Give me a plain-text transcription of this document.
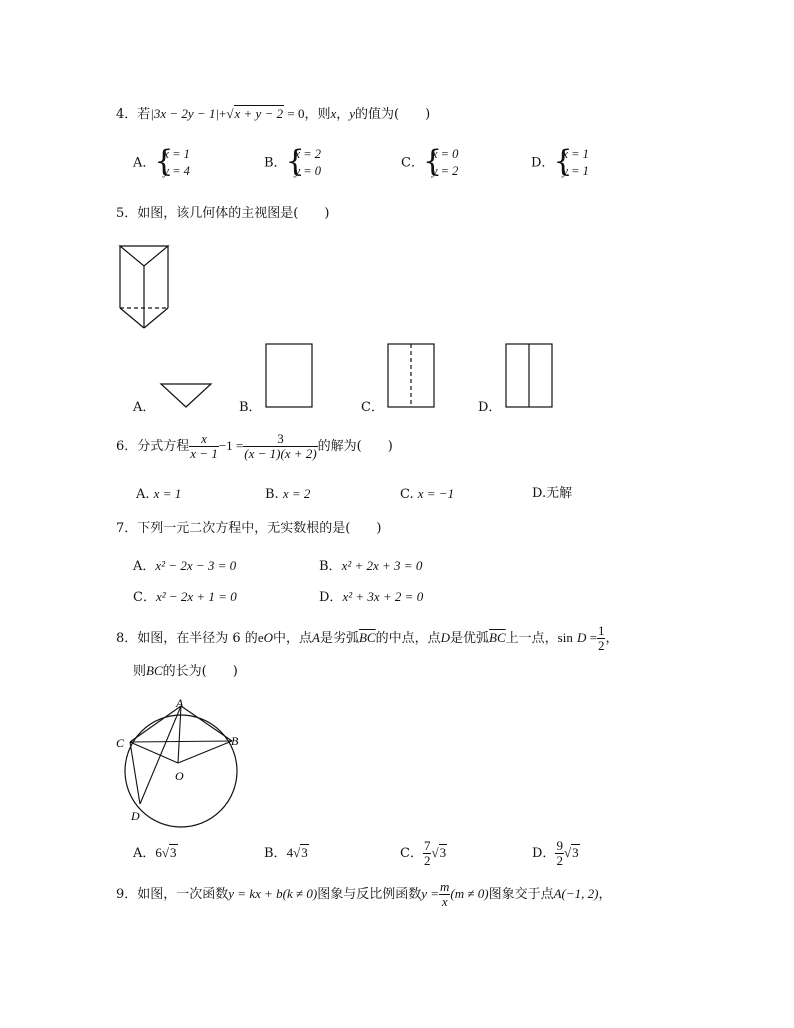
4．若|3x − 2y − 1|+√x + y − 2 = 0，则x，y的值为(　　)
A．
{ x = 1
y = 4
B．
{ x = 2
y = 0
C．
{ x = 0
y = 2
D．
{ x = 1
y = 1
5．如图，该几何体的主视图是(　　)
A．	B．	C．	D．
6．分式方程 $\frac{x}{x - 1} -1 = \frac{3}{(x - 1)(x + 2)}$ 的解为(　　)
A. x = 1	B. x = 2	C. x = −1	D.无解
7．下列一元二次方程中，无实数根的是(　　)
A．x² − 2x − 3 = 0	B．x² + 2x + 3 = 0
C．x² − 2x + 1 = 0	D．x² + 3x + 2 = 0
8．如图，在半径为 6 的eO中，点A是劣弧$\overline{BC}$的中点，点D是优弧$\overline{BC}$上一点，$\sin D = \frac{1}{2}$ ，
则BC的长为(　　)
A
B
C
O
D
A．6√3	B．4√3	C． $\frac{7}{2} √3$	D． $\frac{9}{2} √3$
9．如图，一次函数y = kx + b(k ≠ 0)图象与反比例函数$y = \frac{m}{x} (m \ne 0)$图象交于点A(−1, 2)，
